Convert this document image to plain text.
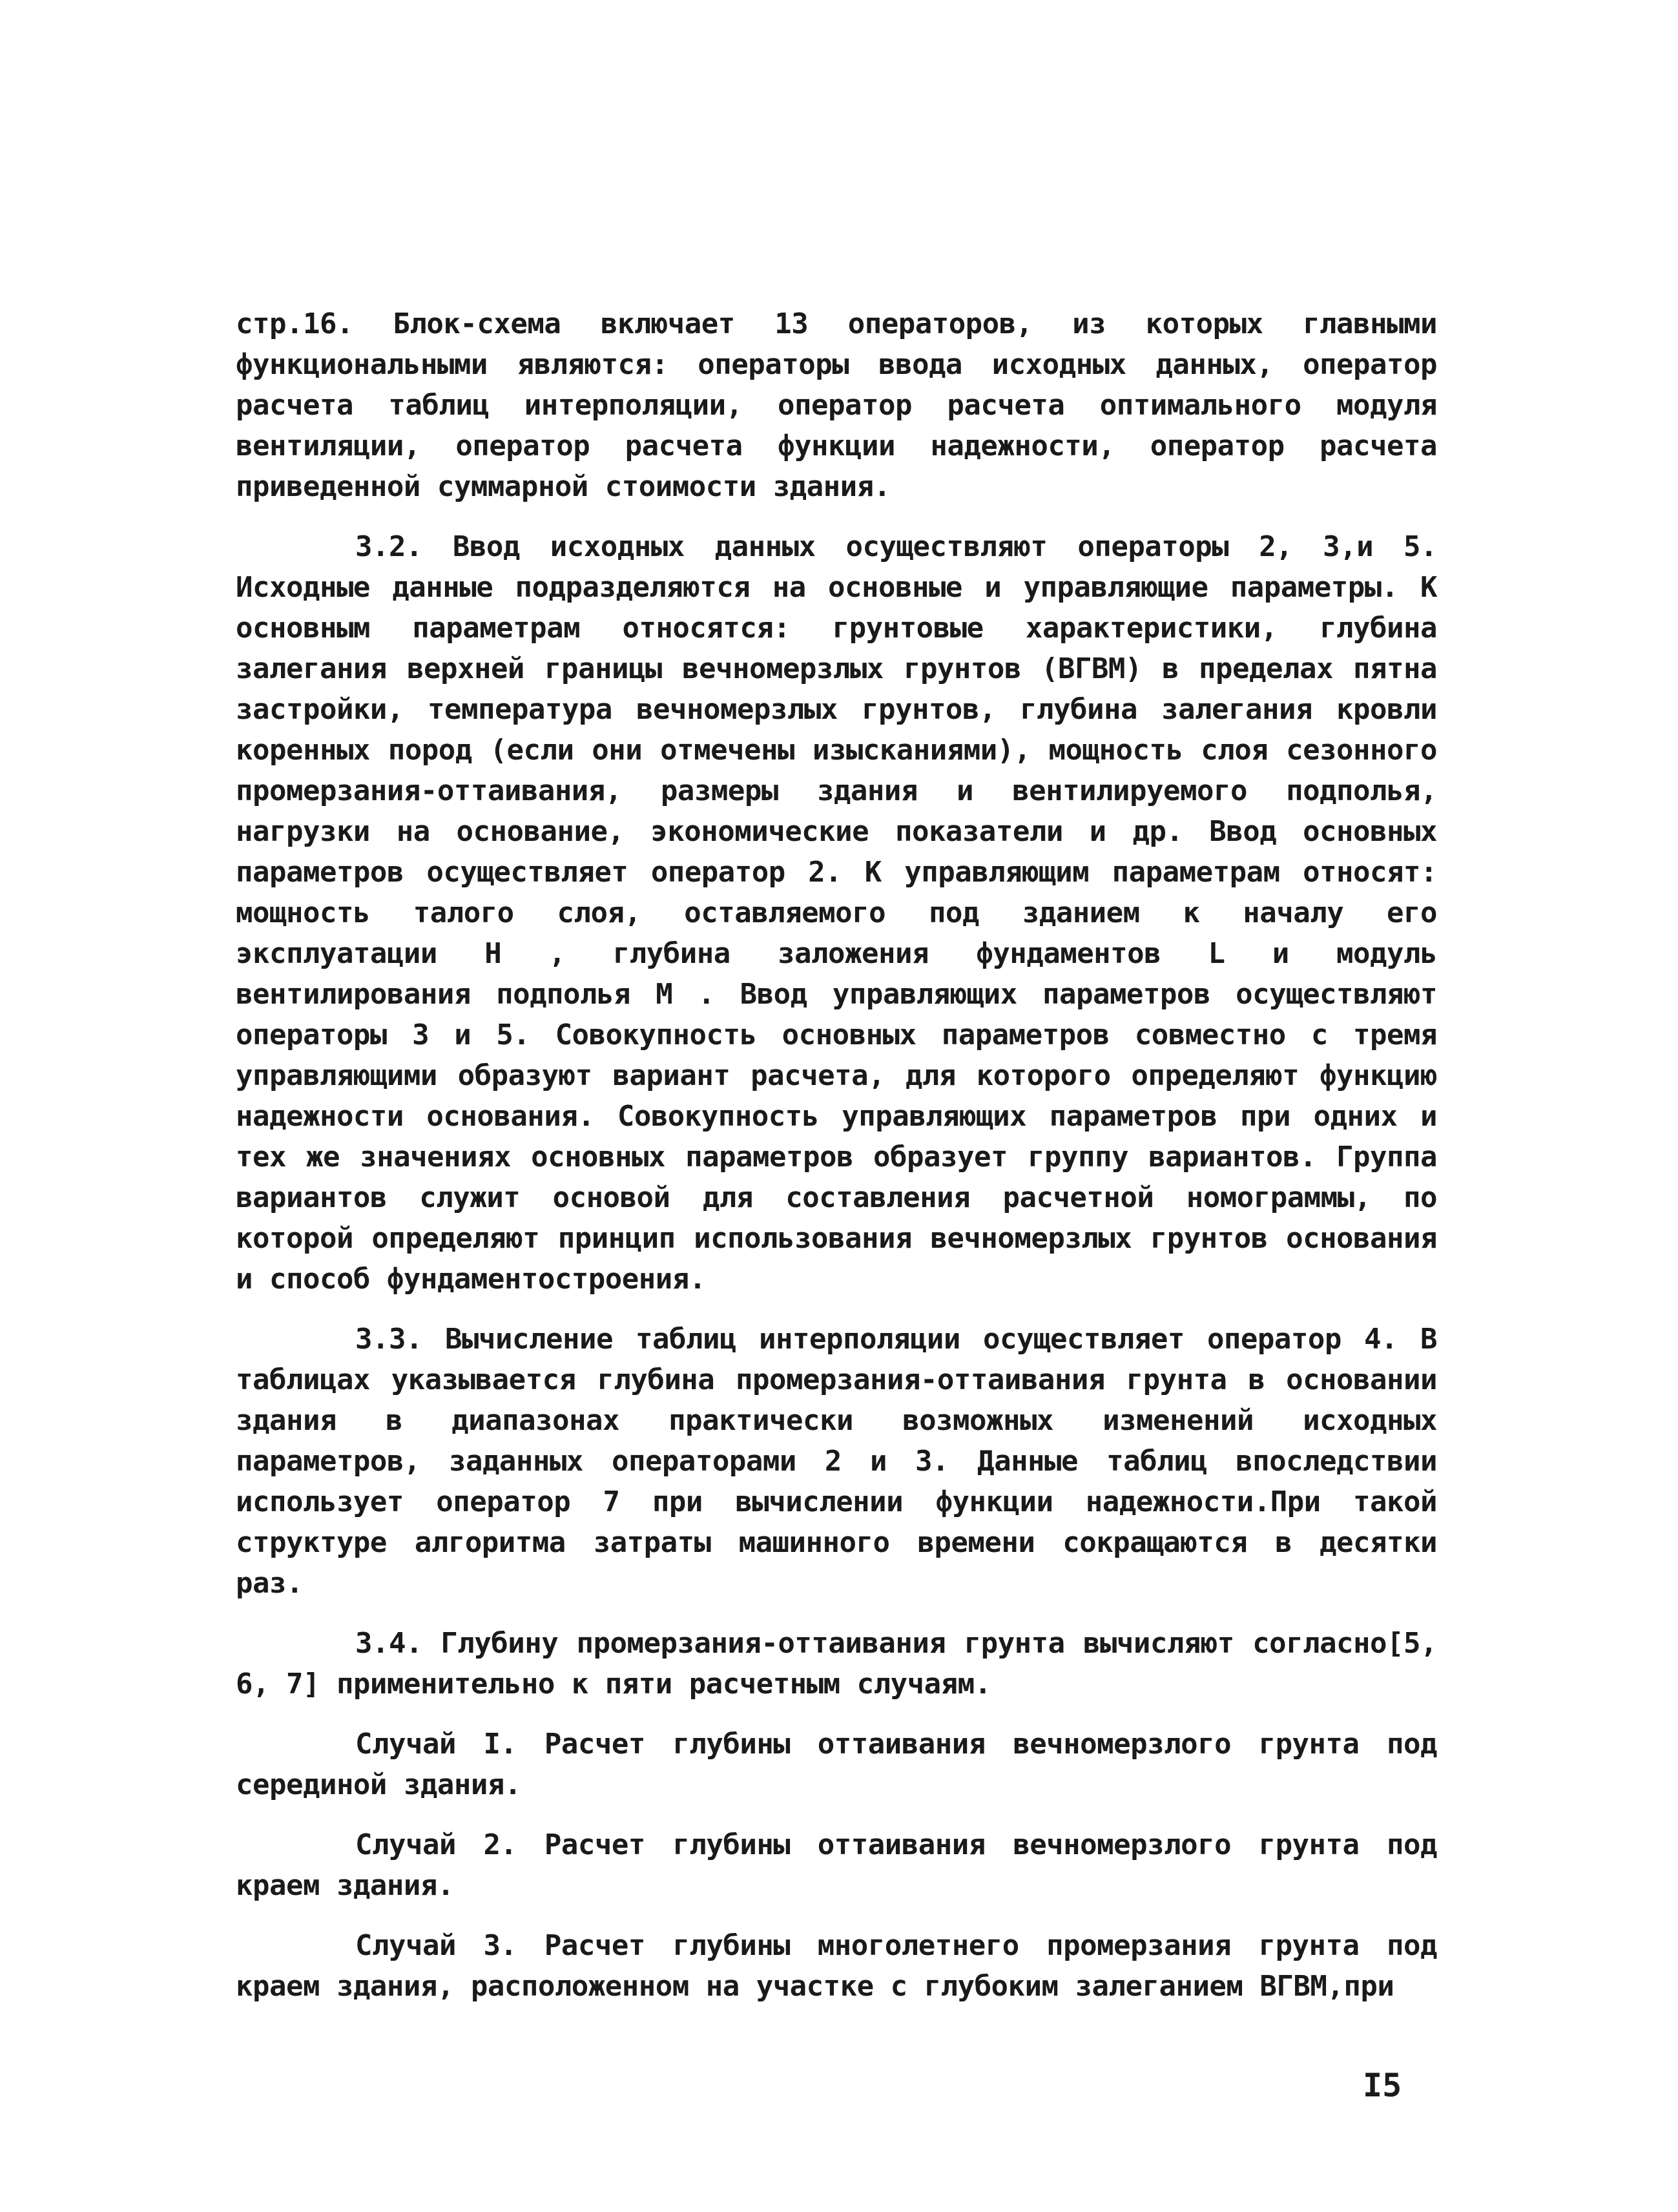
стр.16. Блок-схема включает 13 операторов, из которых главными функциональными являются: операторы ввода исходных данных, оператор расчета таблиц интерполяции, оператор расчета оптимального модуля вентиляции, оператор расчета функции надежности, оператор расчета приведенной суммарной стоимости здания.

3.2. Ввод исходных данных осуществляют операторы 2, 3,и 5. Исходные данные подразделяются на основные и управляющие параметры. К основным параметрам относятся: грунтовые характеристики, глубина залегания верхней границы вечномерзлых грунтов (ВГВМ) в пределах пятна застройки, температура вечномерзлых грунтов, глубина залегания кровли коренных пород (если они отмечены изысканиями), мощность слоя сезонного промерзания-оттаивания, размеры здания и вентилируемого подполья, нагрузки на основание, экономические показатели и др. Ввод основных параметров осуществляет оператор 2. К управляющим параметрам относят: мощность талого слоя, оставляемого под зданием к началу его эксплуатации H , глубина заложения фундаментов L и модуль вентилирования подполья M . Ввод управляющих параметров осуществляют операторы 3 и 5. Совокупность основных параметров совместно с тремя управляющими образуют вариант расчета, для которого определяют функцию надежности основания. Совокупность управляющих параметров при одних и тех же значениях основных параметров образует группу вариантов. Группа вариантов служит основой для составления расчетной номограммы, по которой определяют принцип использования вечномерзлых грунтов основания и способ фундаментостроения.

3.3. Вычисление таблиц интерполяции осуществляет оператор 4. В таблицах указывается глубина промерзания-оттаивания грунта в основании здания в диапазонах практически возможных изменений исходных параметров, заданных операторами 2 и 3. Данные таблиц впоследствии использует оператор 7 при вычислении функции надежности.При такой структуре алгоритма затраты машинного времени сокращаются в десятки раз.

3.4. Глубину промерзания-оттаивания грунта вычисляют согласно[5, 6, 7] применительно к пяти расчетным случаям.

Случай I. Расчет глубины оттаивания вечномерзлого грунта под серединой здания.

Случай 2. Расчет глубины оттаивания вечномерзлого грунта под краем здания.

Случай 3. Расчет глубины многолетнего промерзания грунта под краем здания, расположенном на участке с глубоким залеганием ВГВМ,при

I5
